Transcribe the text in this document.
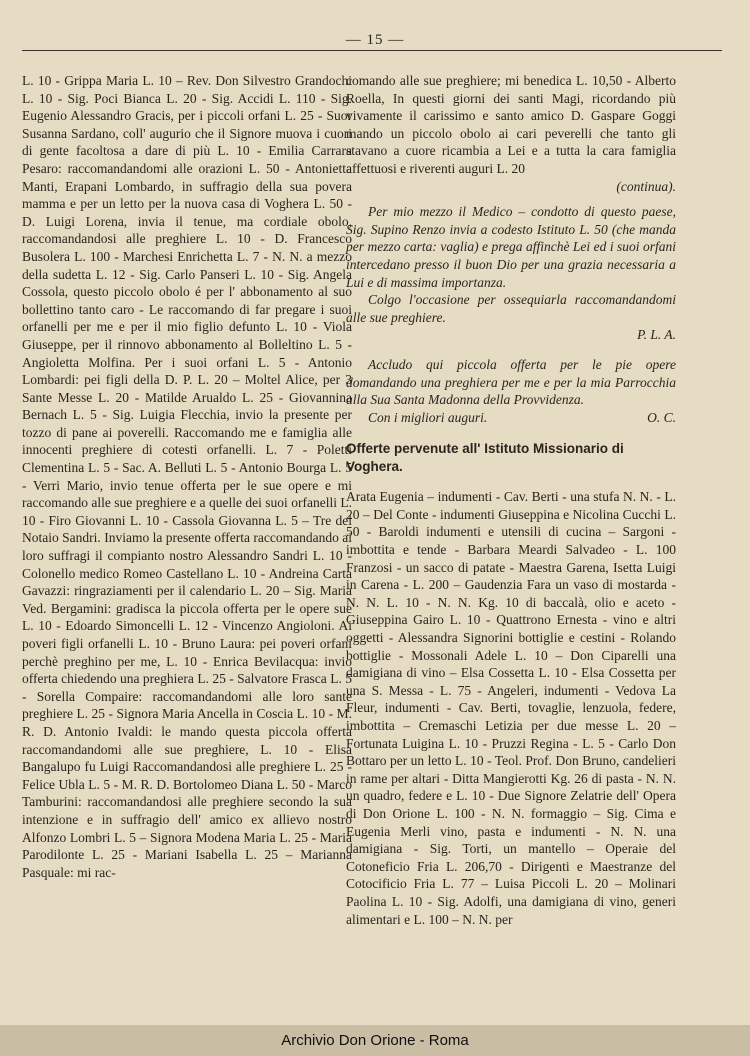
— 15 —

L. 10 - Grippa Maria L. 10 – Rev. Don Silvestro Grandochi L. 10 - Sig. Poci Bianca L. 20 - Sig. Accidi L. 110 - Sig. Eugenio Alessandro Gracis, per i piccoli orfani L. 25 - Suor Susanna Sardano, coll' augurio che il Signore muova i cuori di gente facoltosa a dare di più L. 10 - Emilia Carrara Pesaro: raccomandandomi alle orazioni L. 50 - Antonietta Manti, Erapani Lombardo, in suffragio della sua povera mamma e per un letto per la nuova casa di Voghera L. 50 - D. Luigi Lorena, invia il tenue, ma cordiale obolo, raccomandandosi alle preghiere L. 10 - D. Francesco Busolera L. 100 - Marchesi Enrichetta L. 7 - N. N. a mezzo della sudetta L. 12 - Sig. Carlo Panseri L. 10 - Sig. Angela Cossola, questo piccolo obolo é per l' abbonamento al suo bollettino tanto caro - Le raccomando di far pregare i suoi orfanelli per me e per il mio figlio defunto L. 10 - Viola Giuseppe, per il rinnovo abbonamento al Bolleltino L. 5 - Angioletta Molfina. Per i suoi orfani L. 5 - Antonio Lombardi: pei figli della D. P. L. 20 – Moltel Alice, per 3 Sante Messe L. 20 - Matilde Arualdo L. 25 - Giovannina Bernach L. 5 - Sig. Luigia Flecchia, invio la presente per tozzo di pane ai poverelli. Raccomando me e famiglia alle innocenti preghiere di cotesti orfanelli. L. 7 - Poletti Clementina L. 5 - Sac. A. Belluti L. 5 - Antonio Bourga L. 5 - Verri Mario, invio tenue offerta per le sue opere e mi raccomando alle sue preghiere e a quelle dei suoi orfanelli L. 10 - Firo Giovanni L. 10 - Cassola Giovanna L. 5 – Tre del Notaio Sandri. Inviamo la presente offerta raccomandando ai loro suffragi il compianto nostro Alessandro Sandri L. 10 - Colonello medico Romeo Castellano L. 10 - Andreina Carta Gavazzi: ringraziamenti per il calendario L. 20 – Sig. Maria Ved. Bergamini: gradisca la piccola offerta per le opere sue L. 10 - Edoardo Simoncelli L. 12 - Vincenzo Angioloni. Ai poveri figli orfanelli L. 10 - Bruno Laura: pei poveri orfani perchè preghino per me, L. 10 - Enrica Bevilacqua: invio offerta chiedendo una preghiera L. 25 - Salvatore Frasca L. 5 - Sorella Compaire: raccomandandomi alle loro sante preghiere L. 25 - Signora Maria Ancella in Coscia L. 10 - M. R. D. Antonio Ivaldi: le mando questa piccola offerta raccomandandomi alle sue preghiere, L. 10 - Elisa Bangalupo fu Luigi Raccomandandosi alle preghiere L. 25 - Felice Ubla L. 5 - M. R. D. Bortolomeo Diana L. 50 - Marco Tamburini: raccomandandosi alle preghiere secondo la sua intenzione e in suffragio dell' amico ex allievo nostro Alfonzo Lombri L. 5 – Signora Modena Maria L. 25 - Maria Parodilonte L. 25 - Mariani Isabella L. 25 – Marianna Pasquale: mi rac-

comando alle sue preghiere; mi benedica L. 10,50 - Alberto Roella, In questi giorni dei santi Magi, ricordando più vivamente il carissimo e santo amico D. Gaspare Goggi mando un piccolo obolo ai cari peverelli che tanto gli stavano a cuore ricambia a Lei e a tutta la cara famiglia affettuosi e riverenti auguri L. 20

(continua).

Per mio mezzo il Medico – condotto di questo paese, Sig. Supino Renzo invia a codesto Istituto L. 50 (che manda per mezzo carta: vaglia) e prega affinchè Lei ed i suoi orfani intercedano presso il buon Dio per una grazia necessaria a Lui e di massima importanza.

Colgo l'occasione per ossequiarla raccomandandomi alle sue preghiere.

P. L. A.

Accludo qui piccola offerta per le pie opere domandando una preghiera per me e per la mia Parrocchia alla Sua Santa Madonna della Provvidenza.

Con i migliori auguri.	O. C.
Offerte pervenute all' Istituto Missionario di Voghera.

Arata Eugenia – indumenti - Cav. Berti - una stufa N. N. - L. 20 – Del Conte - indumenti Giuseppina e Nicolina Cucchi L. 50 - Baroldi indumenti e utensili di cucina – Sargoni - imbottita e tende - Barbara Meardi Salvadeo - L. 100 Franzosi - un sacco di patate - Maestra Garena, Isetta Luigi in Carena - L. 200 – Gaudenzia Fara un vaso di mostarda - N. N. L. 10 - N. N. Kg. 10 di baccalà, olio e aceto - Giuseppina Gairo L. 10 - Quattrono Ernesta - vino e altri oggetti - Alessandra Signorini bottiglie e cestini - Rolando bottiglie - Mossonali Adele L. 10 – Don Ciparelli una damigiana di vino – Elsa Cossetta L. 10 - Elsa Cossetta per una S. Messa - L. 75 - Angeleri, indumenti - Vedova La Fleur, indumenti - Cav. Berti, tovaglie, lenzuola, federe, imbottita – Cremaschi Letizia per due messe L. 20 – Fortunata Luigina L. 10 - Pruzzi Regina - L. 5 - Carlo Don Bottaro per un letto L. 10 - Teol. Prof. Don Bruno, candelieri in rame per altari - Ditta Mangierotti Kg. 26 di pasta - N. N. un quadro, federe e L. 10 - Due Signore Zelatrie dell' Opera di Don Orione L. 100 - N. N. formaggio – Sig. Cima e Eugenia Merli vino, pasta e indumenti - N. N. una damigiana - Sig. Torti, un mantello – Operaie del Cotoneficio Fria L. 206,70 - Dirigenti e Maestranze del Cotocificio Fria L. 77 – Luisa Piccoli L. 20 – Molinari Paolina L. 10 - Sig. Adolfi, una damigiana di vino, generi alimentari e L. 100 – N. N. per

Archivio Don Orione - Roma
